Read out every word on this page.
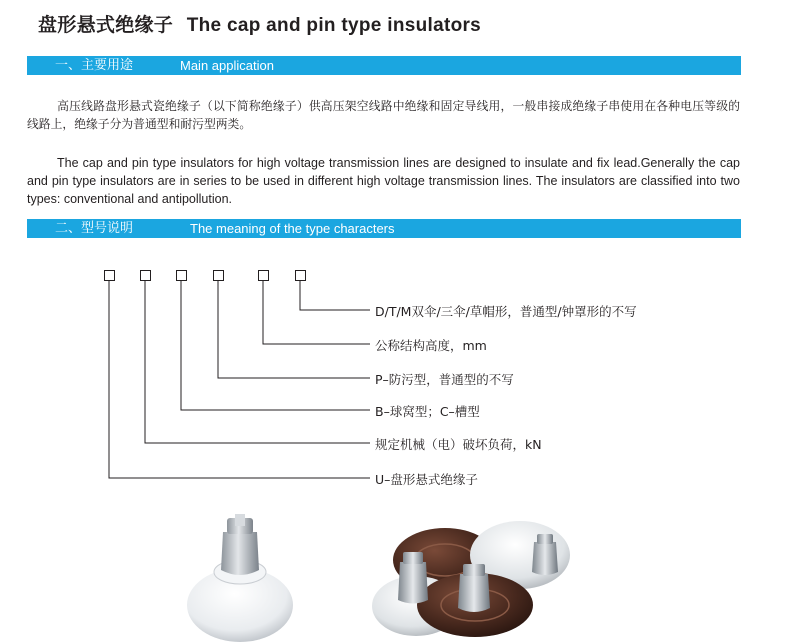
盘形悬式绝缘子 The cap and pin type insulators
一、主要用途	Main application
高压线路盘形悬式瓷绝缘子（以下简称绝缘子）供高压架空线路中绝缘和固定导线用，一般串接成绝缘子串使用在各种电压等级的线路上，绝缘子分为普通型和耐污型两类。
The cap and pin type insulators for high voltage transmission lines are designed to insulate and fix lead.Generally the cap and pin type insulators are in series to be used in different high voltage transmission lines. The insulators are classified into two types: conventional and antipollution.
二、型号说明	The meaning of the type characters
D/T/M双伞/三伞/草帽形，普通型/钟罩形的不写
公称结构高度，mm
P–防污型，普通型的不写
B–球窝型；C–槽型
规定机械（电）破坏负荷，kN
U–盘形悬式绝缘子
